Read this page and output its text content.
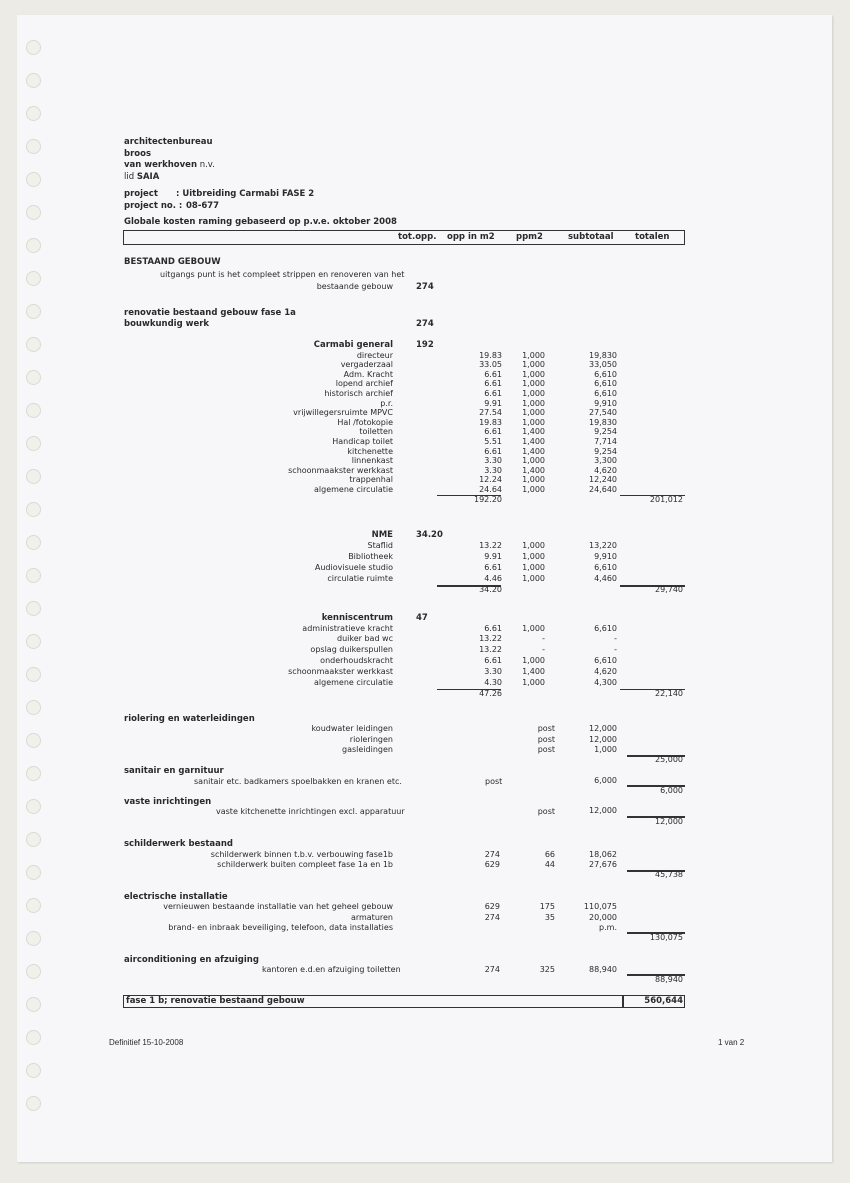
architectenbureau
broos
van werkhoven n.v.
lid SAIA
project : Uitbreiding Carmabi FASE 2
project no. : 08-677
Globale kosten raming gebaseerd op p.v.e. oktober 2008
tot.opp. opp in m2	ppm2	subtotaal	totalen
BESTAAND GEBOUW
uitgangs punt is het compleet strippen en renoveren van het
bestaande gebouw	274
renovatie bestaand gebouw fase 1a
bouwkundig werk	274
Carmabi general	192
directeur	19.83	1,000	19,830
vergaderzaal	33.05	1,000	33,050
Adm. Kracht	6.61	1,000	6,610
lopend archief	6.61	1,000	6,610
historisch archief	6.61	1,000	6,610
p.r.	9.91	1,000	9,910
vrijwillegersruimte MPVC	27.54	1,000	27,540
Hal /fotokopie	19.83	1,000	19,830
toiletten	6.61	1,400	9,254
Handicap toilet	5.51	1,400	7,714
kitchenette	6.61	1,400	9,254
linnenkast	3.30	1,000	3,300
schoonmaakster werkkast	3.30	1,400	4,620
trappenhal	12.24	1,000	12,240
algemene circulatie	24.64	1,000	24,640
192.20	201,012
NME	34.20
Staflid	13.22	1,000	13,220
Bibliotheek	9.91	1,000	9,910
Audiovisuele studio	6.61	1,000	6,610
circulatie ruimte	4.46	1,000	4,460
34.20	29,740
kenniscentrum	47
administratieve kracht	6.61	1,000	6,610
duiker bad wc	13.22	-	-
opslag duikerspullen	13.22	-	-
onderhoudskracht	6.61	1,000	6,610
schoonmaakster werkkast	3.30	1,400	4,620
algemene circulatie	4.30	1,000	4,300
47.26	22,140
riolering en waterleidingen
koudwater leidingen	post	12,000
rioleringen	post	12,000
gasleidingen	post	1,000
25,000
sanitair en garnituur
sanitair etc. badkamers spoelbakken en kranen etc.	post	6,000
6,000
vaste inrichtingen
vaste kitchenette inrichtingen excl. apparatuur	post	12,000
12,000
schilderwerk bestaand
schilderwerk binnen t.b.v. verbouwing fase1b	274	66	18,062
schilderwerk buiten compleet fase 1a en 1b	629	44	27,676
45,738
electrische installatie
vernieuwen bestaande installatie van het geheel gebouw	629	175	110,075
armaturen	274	35	20,000
brand- en inbraak beveiliging, telefoon, data installaties	p.m.
130,075
airconditioning en afzuiging
kantoren e.d.en afzuiging toiletten	274	325	88,940
88,940
fase 1 b; renovatie bestaand gebouw	560,644
Definitief 15-10-2008	1 van 2
